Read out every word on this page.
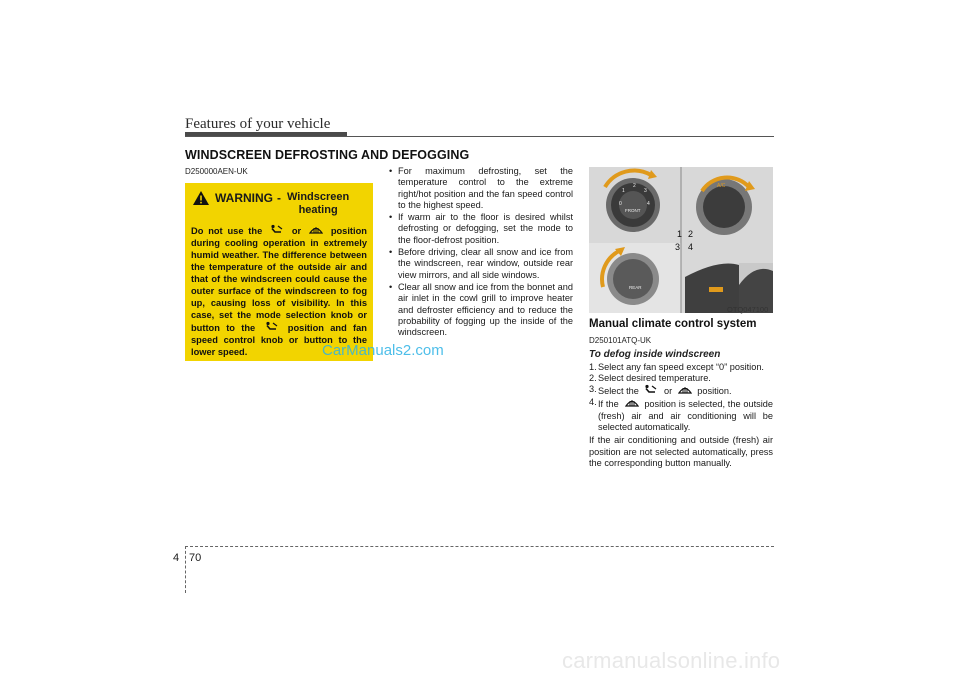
Features of your vehicle
WINDSCREEN DEFROSTING AND DEFOGGING
D250000AEN-UK
WARNING - Windscreen
heating
Do not use the	or	position during cooling operation in extremely humid weather. The difference between the temperature of the outside air and that of the windscreen could cause the outer surface of the windscreen to fog up, causing loss of visibility. In this case, set the mode selection knob or button to the	position and fan speed control knob or button to the lower speed.
• For maximum defrosting, set the temperature control to the extreme right/hot position and the fan speed control to the highest speed.
• If warm air to the floor is desired whilst defrosting or defogging, set the mode to the floor-defrost position.
• Before driving, clear all snow and ice from the windscreen, rear window, outside rear view mirrors, and all side windows.
• Clear all snow and ice from the bonnet and air inlet in the cowl grill to improve heater and defroster efficiency and to reduce the probability of fogging up the inside of the windscreen.
1 2
3 4
FRONT
REAR
A/C
0
1
2
3
4
OTQ047100
Manual climate control system
D250101ATQ-UK
To defog inside windscreen
1. Select any fan speed except “0” position.
2. Select desired temperature.
3. Select the	or	position.
4. If the	position is selected, the outside (fresh) air and air conditioning will be selected automatically.
If the air conditioning and outside (fresh) air position are not selected automatically, press the corresponding button manually.
CarManuals2.com
4 70
carmanualsonline.info
